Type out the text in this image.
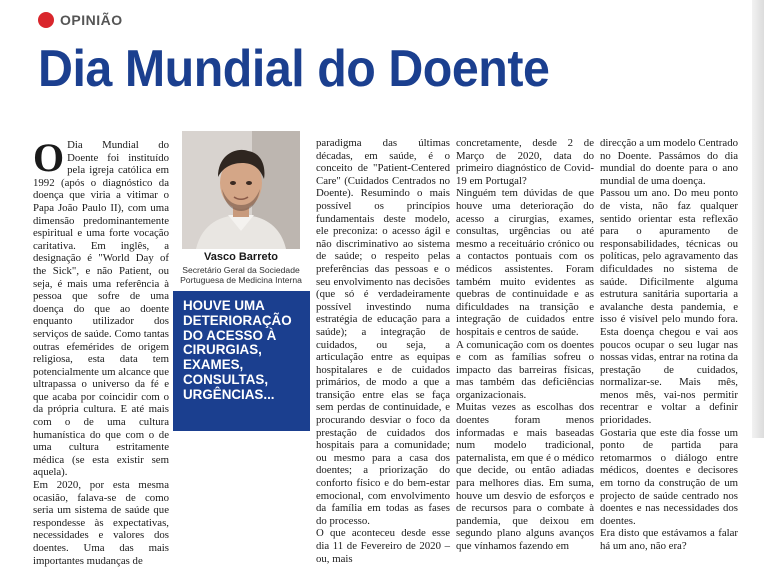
OPINIÃO
Dia Mundial do Doente

O Dia Mundial do Doente foi instituído pela igreja católica em 1992 (após o diagnóstico da doença que viria a vitimar o Papa João Paulo II), com uma dimensão predominantemente espiritual e uma forte vocação caritativa. Em inglês, a designação é "World Day of the Sick", e não Patient, ou seja, é mais uma referência à pessoa que sofre de uma doença do que ao doente enquanto utilizador dos serviços de saúde. Como tantas outras efemérides de origem religiosa, esta data tem potencialmente um alcance que ultrapassa o universo da fé e que acaba por coincidir com o da própria cultura. E até mais com o de uma cultura humanística do que com o de uma cultura estritamente médica (se esta existir sem aquela).

Em 2020, por esta mesma ocasião, falava-se de como seria um sistema de saúde que respondesse às expectativas, necessidades e valores dos doentes. Uma das mais importantes mudanças de

Vasco Barreto
Secretário Geral da Sociedade Portuguesa de Medicina Interna
HOUVE UMA DETERIORAÇÃO DO ACESSO À CIRURGIAS, EXAMES, CONSULTAS, URGÊNCIAS...

paradigma das últimas décadas, em saúde, é o conceito de "Patient-Centered Care" (Cuidados Centrados no Doente). Resumindo o mais possível os princípios fundamentais deste modelo, ele preconiza: o acesso ágil e não discriminativo ao sistema de saúde; o respeito pelas preferências das pessoas e o seu envolvimento nas decisões (que só é verdadeiramente possível investindo numa estratégia de educação para a saúde); a integração de cuidados, ou seja, a articulação entre as equipas hospitalares e de cuidados primários, de modo a que a transição entre elas se faça sem perdas de continuidade, e procurando desviar o foco da prestação de cuidados dos hospitais para a comunidade; ou mesmo para a casa dos doentes; a priorização do conforto físico e do bem-estar emocional, com envolvimento da família em todas as fases do processo.

O que aconteceu desde esse dia 11 de Fevereiro de 2020 – ou, mais

concretamente, desde 2 de Março de 2020, data do primeiro diagnóstico de Covid-19 em Portugal?

Ninguém tem dúvidas de que houve uma deterioração do acesso a cirurgias, exames, consultas, urgências ou até mesmo a receituário crónico ou a contactos pontuais com os médicos assistentes. Foram também muito evidentes as quebras de continuidade e as dificuldades na transição e integração de cuidados entre hospitais e centros de saúde.

A comunicação com os doentes e com as famílias sofreu o impacto das barreiras físicas, mas também das deficiências organizacionais.

Muitas vezes as escolhas dos doentes foram menos informadas e mais baseadas num modelo tradicional, paternalista, em que é o médico que decide, ou então adiadas para melhores dias. Em suma, houve um desvio de esforços e de recursos para o combate à pandemia, que deixou em segundo plano alguns avanços que vínhamos fazendo em

direcção a um modelo Centrado no Doente. Passámos do dia mundial do doente para o ano mundial de uma doença.

Passou um ano. Do meu ponto de vista, não faz qualquer sentido orientar esta reflexão para o apuramento de responsabilidades, técnicas ou políticas, pelo agravamento das dificuldades no sistema de saúde. Dificilmente alguma estrutura sanitária suportaria a avalanche desta pandemia, e isso é visível pelo mundo fora. Esta doença chegou e vai aos poucos ocupar o seu lugar nas nossas vidas, entrar na rotina da prestação de cuidados, normalizar-se. Mais mês, menos mês, vai-nos permitir recentrar e voltar a definir prioridades.

Gostaria que este dia fosse um ponto de partida para retomarmos o diálogo entre médicos, doentes e decisores em torno da construção de um projecto de saúde centrado nos doentes e nas necessidades dos doentes.

Era disto que estávamos a falar há um ano, não era?
